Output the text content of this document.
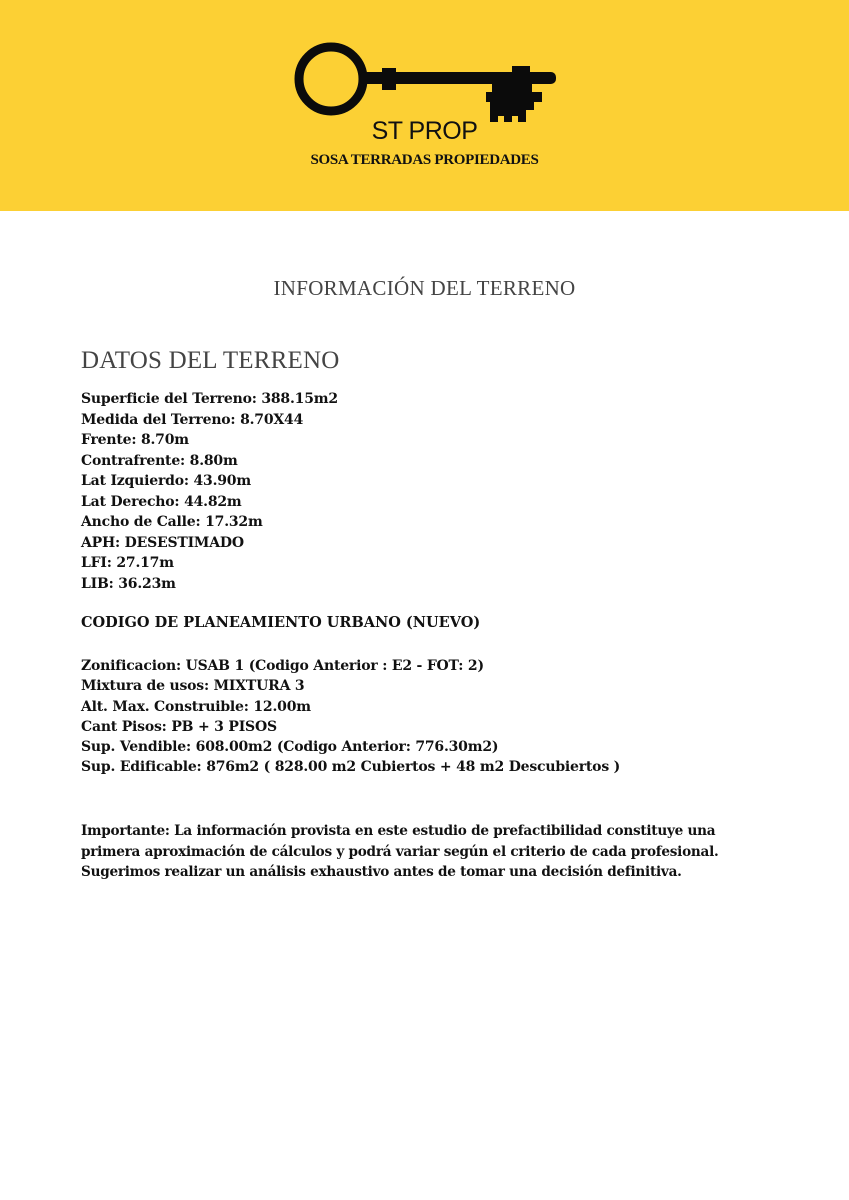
ST PROP
SOSA TERRADAS PROPIEDADES
INFORMACIÓN DEL TERRENO
DATOS DEL TERRENO
Superficie del Terreno: 388.15m2
Medida del Terreno: 8.70X44
Frente: 8.70m
Contrafrente: 8.80m
Lat Izquierdo: 43.90m
Lat Derecho: 44.82m
Ancho de Calle: 17.32m
APH: DESESTIMADO
LFI: 27.17m
LIB: 36.23m
CODIGO DE PLANEAMIENTO URBANO (NUEVO)
Zonificacion: USAB 1 (Codigo Anterior : E2 - FOT: 2)
Mixtura de usos: MIXTURA 3
Alt. Max. Construible: 12.00m
Cant Pisos: PB + 3 PISOS
Sup. Vendible: 608.00m2 (Codigo Anterior: 776.30m2)
Sup. Edificable: 876m2 ( 828.00 m2 Cubiertos + 48 m2 Descubiertos )
Importante: La información provista en este estudio de prefactibilidad constituye una
primera aproximación de cálculos y podrá variar según el criterio de cada profesional.
Sugerimos realizar un análisis exhaustivo antes de tomar una decisión definitiva.
